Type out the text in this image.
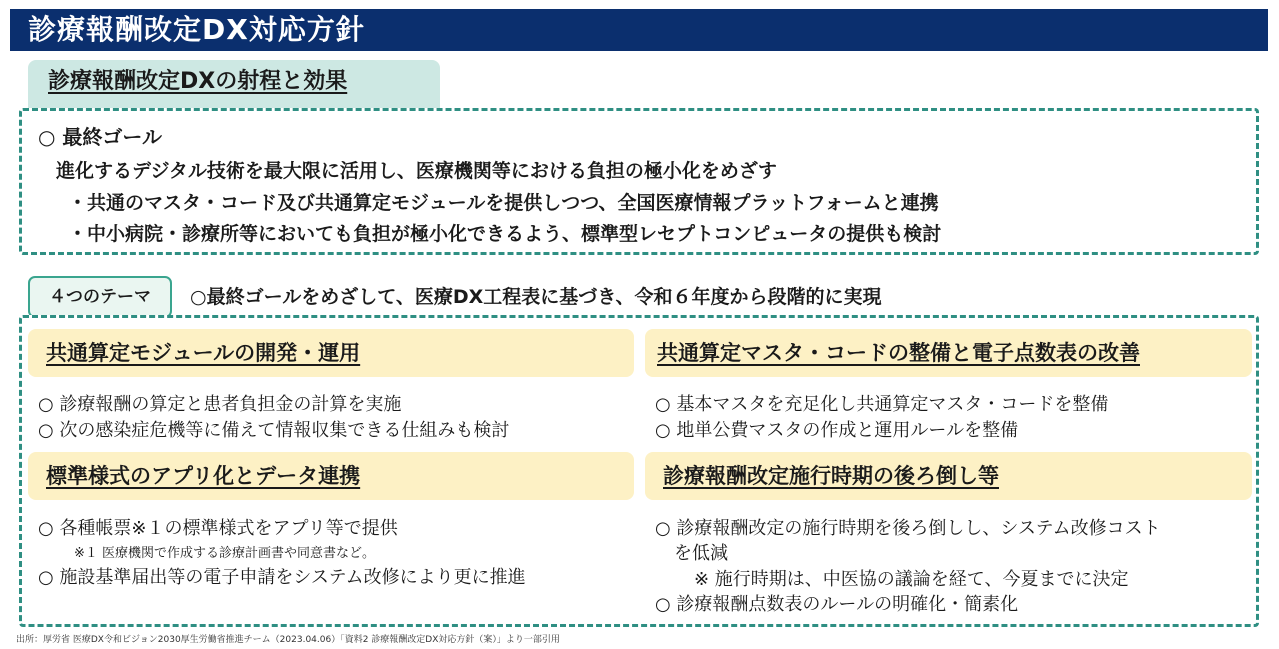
診療報酬改定DX対応方針
診療報酬改定DXの射程と効果
○ 最終ゴール
進化するデジタル技術を最大限に活用し、医療機関等における負担の極小化をめざす
・共通のマスタ・コード及び共通算定モジュールを提供しつつ、全国医療情報プラットフォームと連携
・中小病院・診療所等においても負担が極小化できるよう、標準型レセプトコンピュータの提供も検討
４つのテーマ	○最終ゴールをめざして、医療DX工程表に基づき、令和６年度から段階的に実現
共通算定モジュールの開発・運用
○ 診療報酬の算定と患者負担金の計算を実施
○ 次の感染症危機等に備えて情報収集できる仕組みも検討
共通算定マスタ・コードの整備と電子点数表の改善
○ 基本マスタを充足化し共通算定マスタ・コードを整備
○ 地単公費マスタの作成と運用ルールを整備
標準様式のアプリ化とデータ連携
○ 各種帳票※１の標準様式をアプリ等で提供
※１ 医療機関で作成する診療計画書や同意書など。
○ 施設基準届出等の電子申請をシステム改修により更に推進
診療報酬改定施行時期の後ろ倒し等
○ 診療報酬改定の施行時期を後ろ倒しし、システム改修コスト
を低減
※ 施行時期は、中医協の議論を経て、今夏までに決定
○ 診療報酬点数表のルールの明確化・簡素化
出所：厚労省 医療DX令和ビジョン2030厚生労働省推進チーム（2023.04.06）「資料2 診療報酬改定DX対応方針（案）」より一部引用
